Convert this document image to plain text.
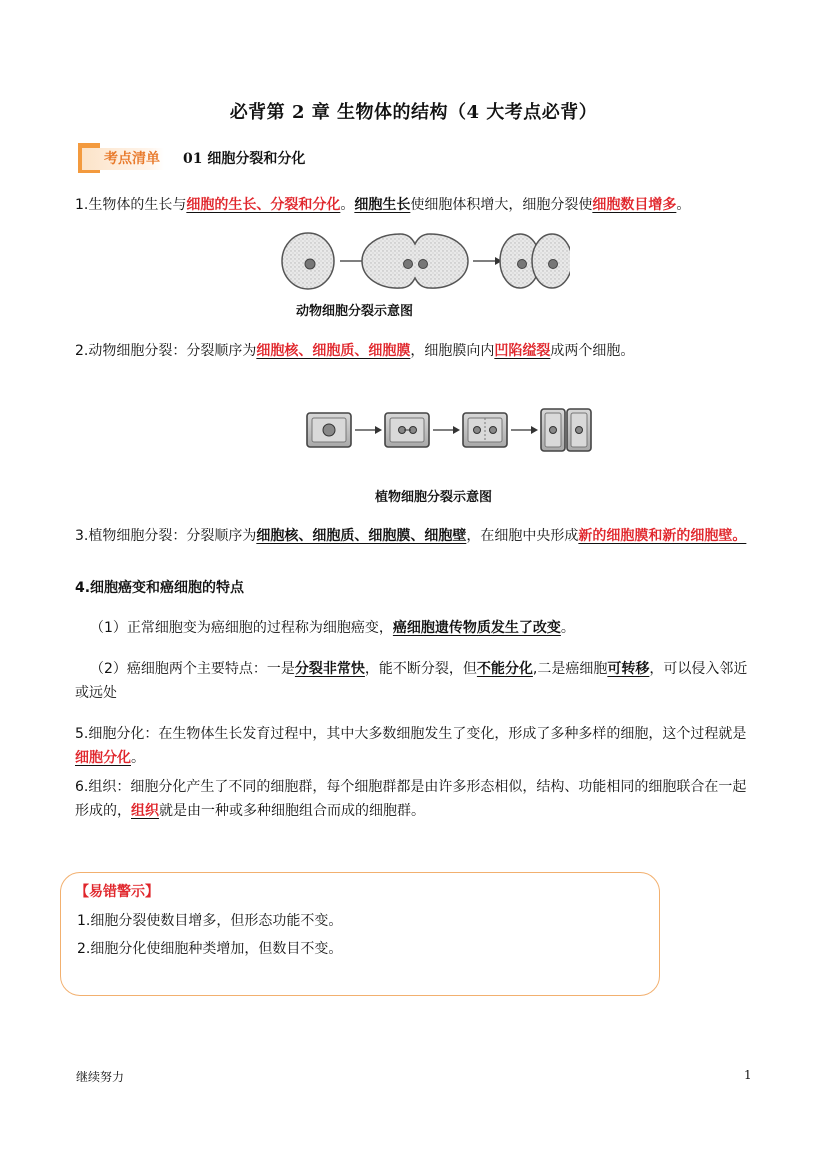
必背第 2 章 生物体的结构（4 大考点必背）
考点清单 01 细胞分裂和分化
1.生物体的生长与细胞的生长、分裂和分化。细胞生长使细胞体积增大，细胞分裂使细胞数目增多。
动物细胞分裂示意图
2.动物细胞分裂：分裂顺序为细胞核、细胞质、细胞膜，细胞膜向内凹陷缢裂成两个细胞。
植物细胞分裂示意图
3.植物细胞分裂：分裂顺序为细胞核、细胞质、细胞膜、细胞壁，在细胞中央形成新的细胞膜和新的细胞壁。
4.细胞癌变和癌细胞的特点
（1）正常细胞变为癌细胞的过程称为细胞癌变，癌细胞遗传物质发生了改变。
（2）癌细胞两个主要特点：一是分裂非常快，能不断分裂，但不能分化,二是癌细胞可转移，可以侵入邻近或远处
5.细胞分化：在生物体生长发育过程中，其中大多数细胞发生了变化，形成了多种多样的细胞，这个过程就是细胞分化。
6.组织：细胞分化产生了不同的细胞群，每个细胞群都是由许多形态相似，结构、功能相同的细胞联合在一起形成的，组织就是由一种或多种细胞组合而成的细胞群。
【易错警示】
1.细胞分裂使数目增多，但形态功能不变。
2.细胞分化使细胞种类增加，但数目不变。
继续努力	1
